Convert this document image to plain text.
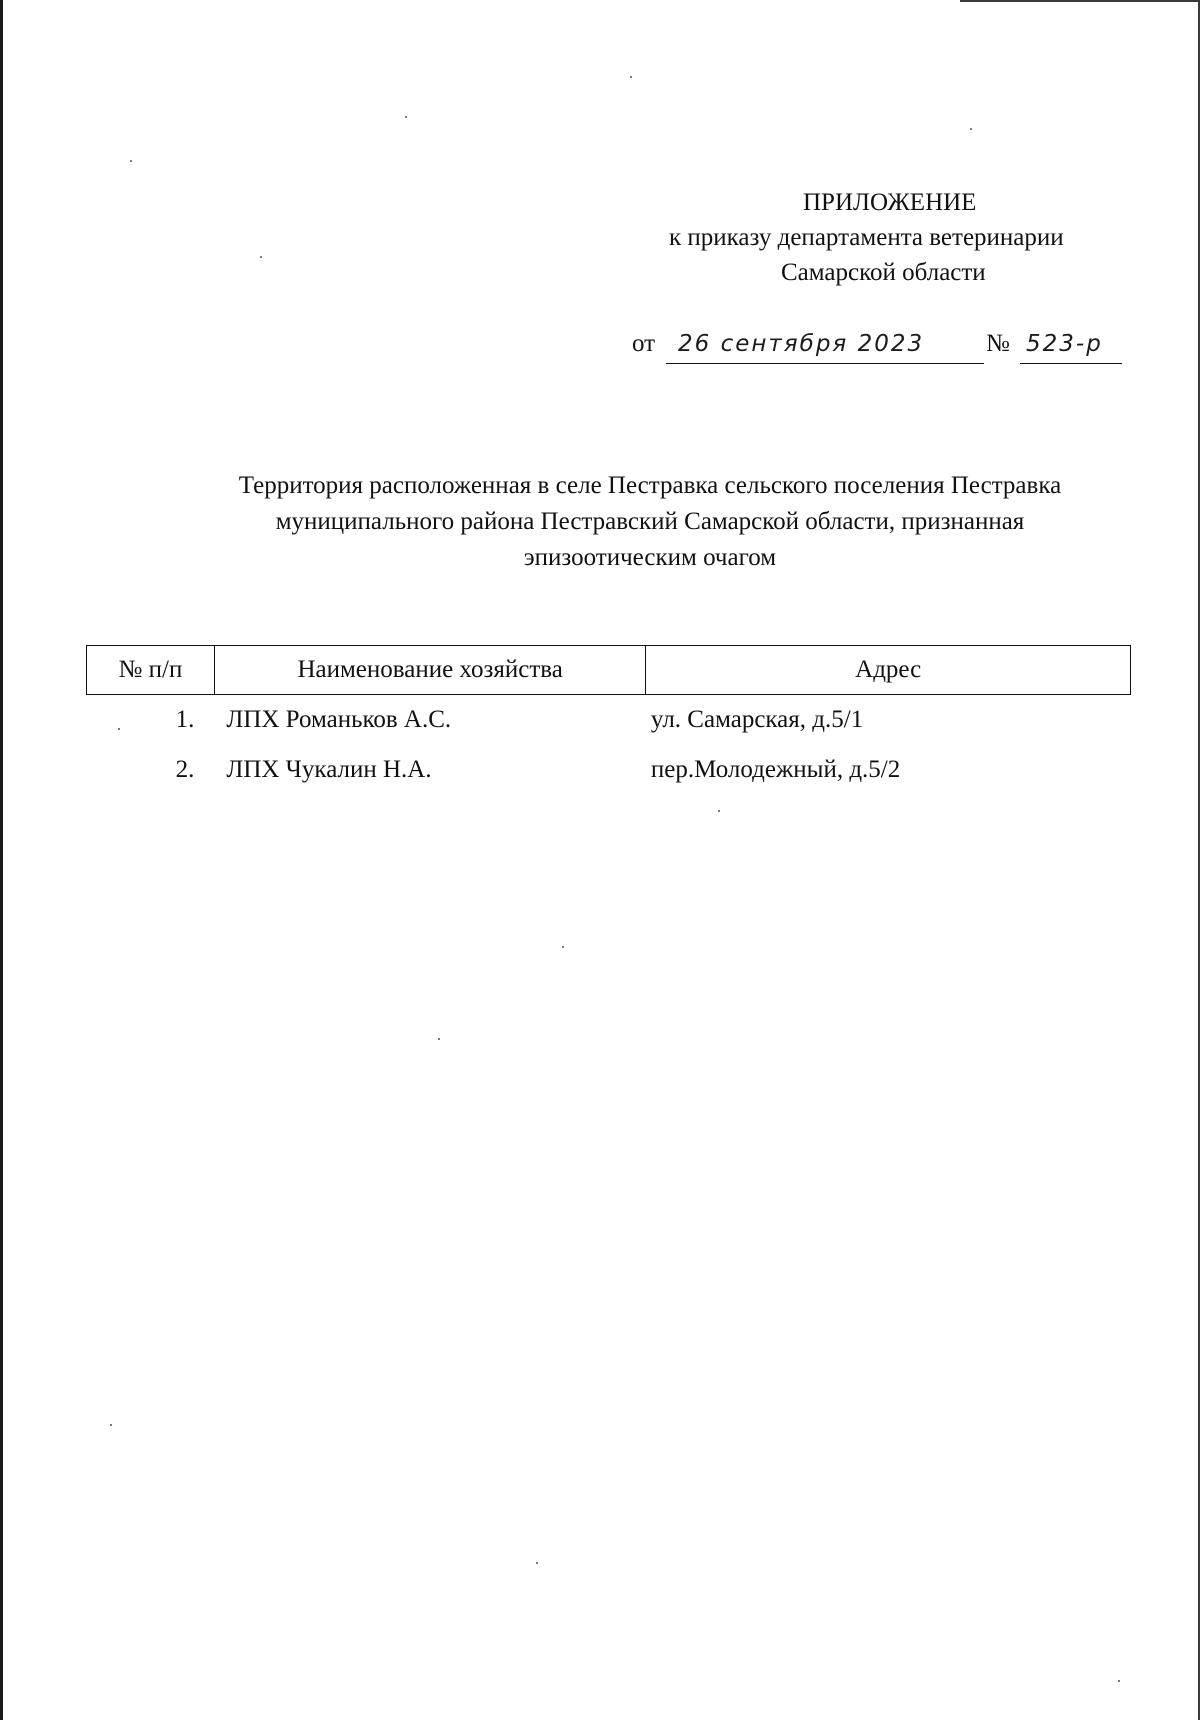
ПРИЛОЖЕНИЕ
к приказу департамента ветеринарии
Самарской области
от 26 сентября 2023 № 523-р
Территория расположенная в селе Пестравка сельского поселения Пестравка
муниципального района Пестравский Самарской области, признанная
эпизоотическим очагом
№ п/п	Наименование хозяйства	Адрес
1.	ЛПХ Романьков А.С.	ул. Самарская, д.5/1
2.	ЛПХ Чукалин Н.А.	пер.Молодежный, д.5/2
